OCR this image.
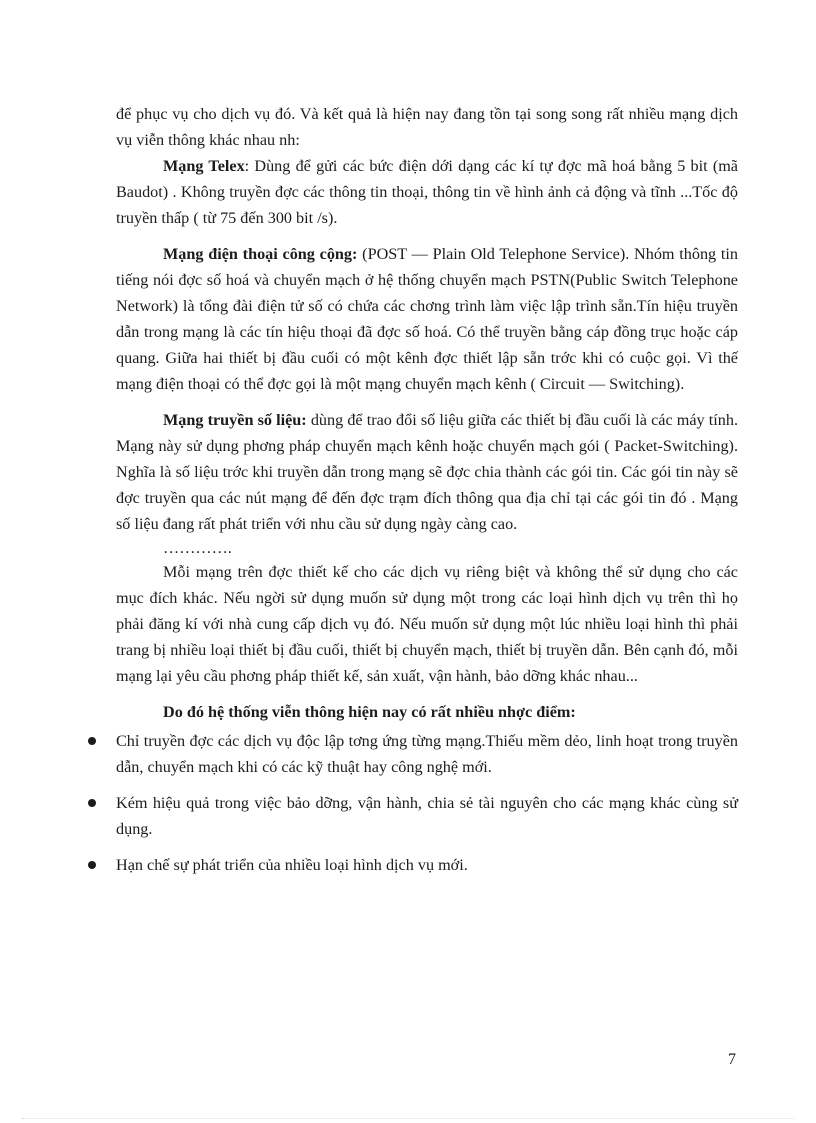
để phục vụ cho dịch vụ đó. Và kết quả là hiện nay đang tồn tại song song rất nhiều mạng dịch vụ viễn thông khác nhau nh:

Mạng Telex: Dùng để gửi các bức điện dới dạng các kí tự đợc mã hoá bằng 5 bit (mã Baudot) . Không truyền đợc các thông tin thoại, thông tin về hình ảnh cả động và tĩnh ...Tốc độ truyền thấp ( từ 75 đến 300 bit /s).

Mạng điện thoại công cộng: (POST — Plain Old Telephone Service). Nhóm thông tin tiếng nói đợc số hoá và chuyển mạch ở hệ thống chuyển mạch PSTN(Public Switch Telephone Network) là tổng đài điện tử số có chứa các chơng trình làm việc lập trình sẵn.Tín hiệu truyền dẫn trong mạng là các tín hiệu thoại đã đợc số hoá. Có thể truyền bằng cáp đồng trục hoặc cáp quang. Giữa hai thiết bị đầu cuối có một kênh đợc thiết lập sẵn trớc khi có cuộc gọi. Vì thế mạng điện thoại có thể đợc gọi là một mạng chuyển mạch kênh ( Circuit — Switching).

Mạng truyền số liệu: dùng để trao đổi số liệu giữa các thiết bị đầu cuối là các máy tính. Mạng này sử dụng phơng pháp chuyển mạch kênh hoặc chuyển mạch gói ( Packet-Switching). Nghĩa là số liệu trớc khi truyền dẫn trong mạng sẽ đợc chia thành các gói tin. Các gói tin này sẽ đợc truyền qua các nút mạng để đến đợc trạm đích thông qua địa chỉ tại các gói tin đó . Mạng số liệu đang rất phát triển với nhu cầu sử dụng ngày càng cao.

………….

Mỗi mạng trên đợc thiết kế cho các dịch vụ riêng biệt và không thể sử dụng cho các mục đích khác. Nếu ngời sử dụng muốn sử dụng một trong các loại hình dịch vụ trên thì họ phải đăng kí với nhà cung cấp dịch vụ đó. Nếu muốn sử dụng một lúc nhiều loại hình thì phải trang bị nhiều loại thiết bị đầu cuối, thiết bị chuyển mạch, thiết bị truyền dẫn. Bên cạnh đó, mỗi mạng lại yêu cầu phơng pháp thiết kế, sản xuất, vận hành, bảo dỡng khác nhau...

Do đó hệ thống viễn thông hiện nay có rất nhiều nhợc điểm:

Chỉ truyền đợc các dịch vụ độc lập tơng ứng từng mạng.Thiếu mềm dẻo, linh hoạt trong truyền dẫn, chuyển mạch khi có các kỹ thuật hay công nghệ mới.
Kém hiệu quả trong việc bảo dỡng, vận hành, chia sẻ tài nguyên cho các mạng khác cùng sử dụng.
Hạn chế sự phát triển của nhiều loại hình dịch vụ mới.
7
